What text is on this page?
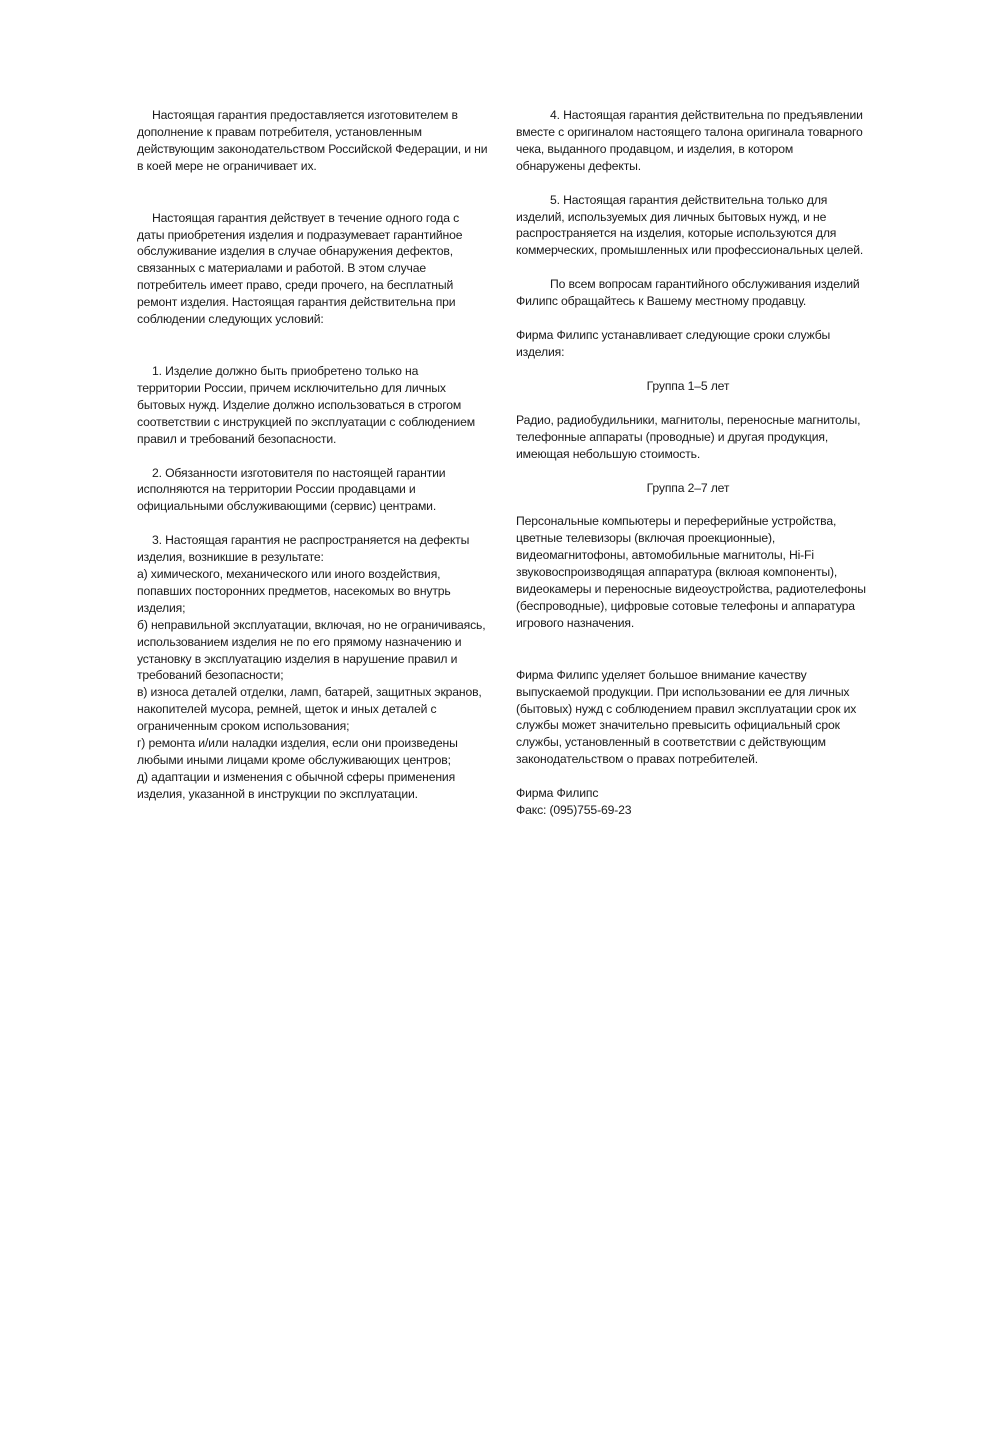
Настоящая гарантия предоставляется изготовителем в
дополнение к правам потребителя, установленным
действующим законодательством Российской Федерации, и ни
в коей мере не ограничивает их.
Настоящая гарантия действует в течение одного года с
даты приобретения изделия и подразумевает гарантийное
обслуживание изделия в случае обнаружения дефектов,
связанных с материалами и работой. В этом случае
потребитель имеет право, среди прочего, на бесплатный
ремонт изделия. Настоящая гарантия действительна при
соблюдении следующих условий:
1. Изделие должно быть приобретено только на
территории России, причем исключительно для личных
бытовых нужд. Изделие должно использоваться в строгом
соответствии с инструкцией по эксплуатации с соблюдением
правил и требований безопасности.
2. Обязанности изготовителя по настоящей гарантии
исполняются на территории России продавцами и
официальными обслуживающими (сервис) центрами.
3. Настоящая гарантия не распространяется на дефекты
изделия, возникшие в результате:
а) химического, механического или иного воздействия,
попавших посторонних предметов, насекомых во внутрь
изделия;
б) неправильной эксплуатации, включая, но не ограничиваясь,
использованием изделия не по его прямому назначению и
установку в эксплуатацию изделия в нарушение правил и
требований безопасности;
в) износа деталей отделки, ламп, батарей, защитных экранов,
накопителей мусора, ремней, щеток и иных деталей с
ограниченным сроком использования;
г) ремонта и/или наладки изделия, если они произведены
любыми иными лицами кроме обслуживающих центров;
д) адаптации и изменения с обычной сферы применения
изделия, указанной в инструкции по эксплуатации.
4. Настоящая гарантия действительна по предъявлении
вместе с оригиналом настоящего талона оригинала товарного
чека, выданного продавцом, и изделия, в котором
обнаружены дефекты.
5. Настоящая гарантия действительна только для
изделий, используемых дия личных бытовых нужд, и не
распространяется на изделия, которые используются для
коммерческих, промышленных или профессиональных целей.
По всем вопросам гарантийного обслуживания изделий
Филипс обращайтесь к Вашему местному продавцу.
Фирма Филипс устанавливает следующие сроки службы
изделия:
Группа 1–5 лет
Радио, радиобудильники, магнитолы, переносные магнитолы,
телефонные аппараты (проводные) и другая продукция,
имеющая небольшую стоимость.
Группа 2–7 лет
Персональные компьютеры и переферийные устройства,
цветные телевизоры (включая проекционные),
видеомагнитофоны, автомобильные магнитолы, Hi-Fi
звуковоспроизводящая аппаратура (вклюая компоненты),
видеокамеры и переносные видеоустройства, радиотелефоны
(беспроводные), цифровые сотовые телефоны и аппаратура
игрового назначения.
Фирма Филипс уделяет большое внимание качеству
выпускаемой продукции. При использовании ее для личных
(бытовых) нужд с соблюдением правил эксплуатации срок их
службы может значительно превысить официальный срок
службы, установленный в соответствии с действующим
законодательством о правах потребителей.
Фирма Филипс
Факс: (095)755-69-23
